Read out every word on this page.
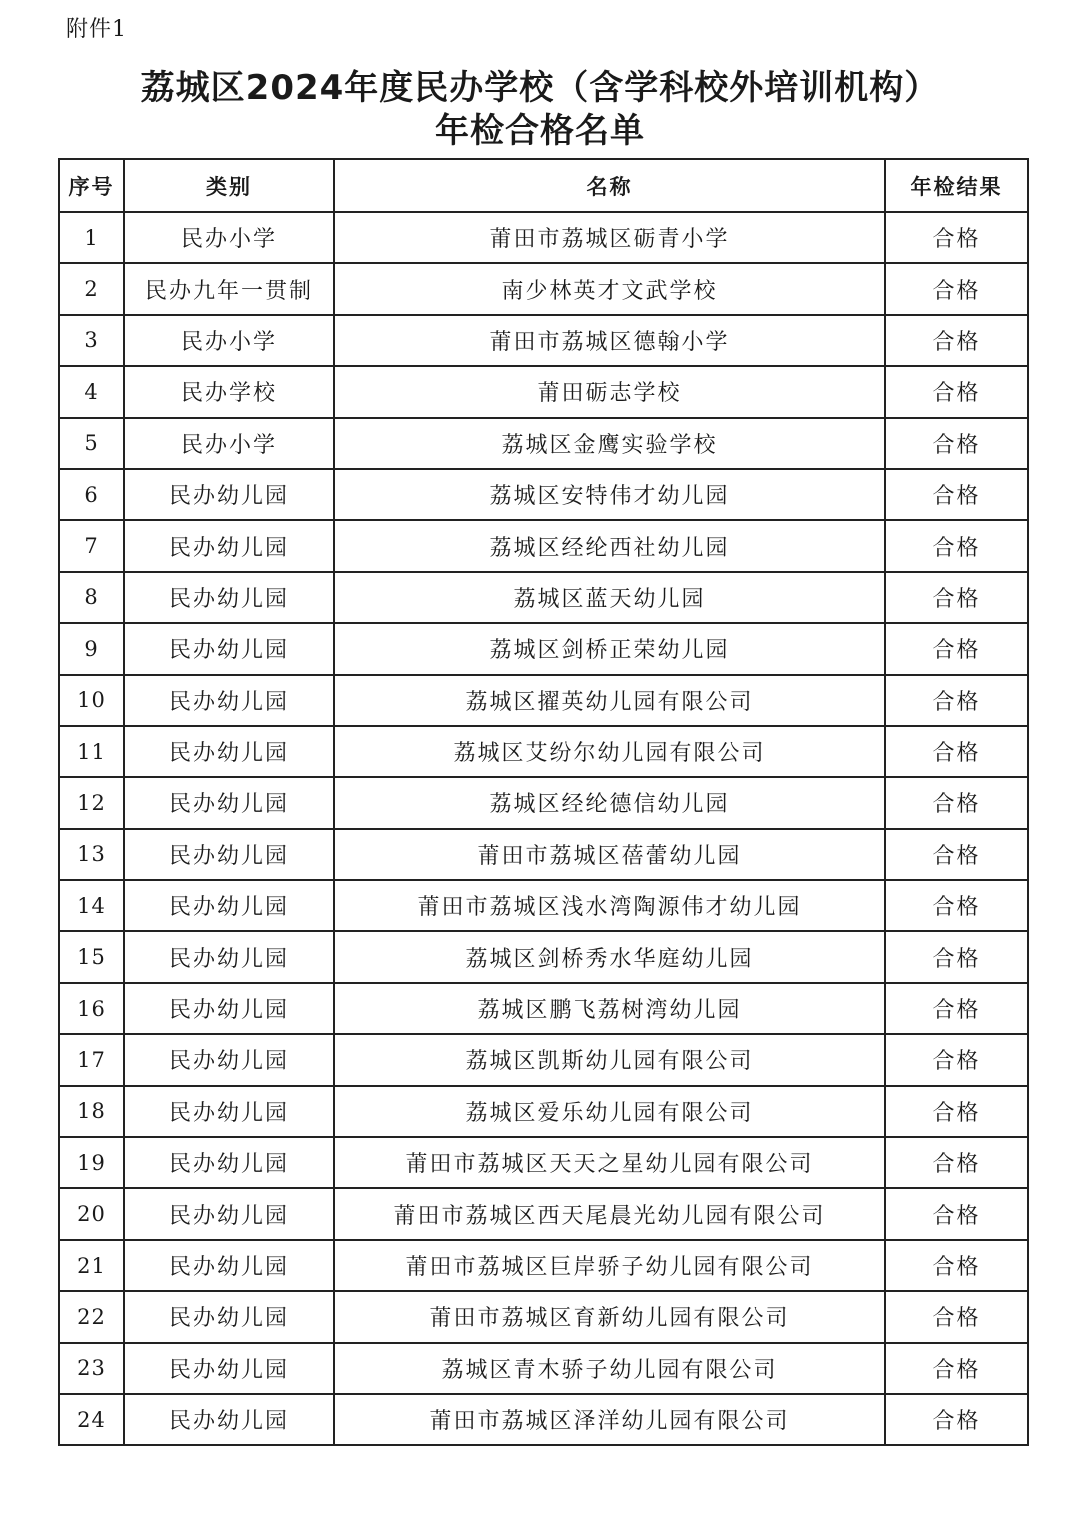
附件1
荔城区2024年度民办学校（含学科校外培训机构）
年检合格名单
序号	类别	名称	年检结果
1	民办小学	莆田市荔城区砺青小学	合格
2	民办九年一贯制	南少林英才文武学校	合格
3	民办小学	莆田市荔城区德翰小学	合格
4	民办学校	莆田砺志学校	合格
5	民办小学	荔城区金鹰实验学校	合格
6	民办幼儿园	荔城区安特伟才幼儿园	合格
7	民办幼儿园	荔城区经纶西社幼儿园	合格
8	民办幼儿园	荔城区蓝天幼儿园	合格
9	民办幼儿园	荔城区剑桥正荣幼儿园	合格
10	民办幼儿园	荔城区擢英幼儿园有限公司	合格
11	民办幼儿园	荔城区艾纷尔幼儿园有限公司	合格
12	民办幼儿园	荔城区经纶德信幼儿园	合格
13	民办幼儿园	莆田市荔城区蓓蕾幼儿园	合格
14	民办幼儿园	莆田市荔城区浅水湾陶源伟才幼儿园	合格
15	民办幼儿园	荔城区剑桥秀水华庭幼儿园	合格
16	民办幼儿园	荔城区鹏飞荔树湾幼儿园	合格
17	民办幼儿园	荔城区凯斯幼儿园有限公司	合格
18	民办幼儿园	荔城区爱乐幼儿园有限公司	合格
19	民办幼儿园	莆田市荔城区天天之星幼儿园有限公司	合格
20	民办幼儿园	莆田市荔城区西天尾晨光幼儿园有限公司	合格
21	民办幼儿园	莆田市荔城区巨岸骄子幼儿园有限公司	合格
22	民办幼儿园	莆田市荔城区育新幼儿园有限公司	合格
23	民办幼儿园	荔城区青木骄子幼儿园有限公司	合格
24	民办幼儿园	莆田市荔城区泽洋幼儿园有限公司	合格
